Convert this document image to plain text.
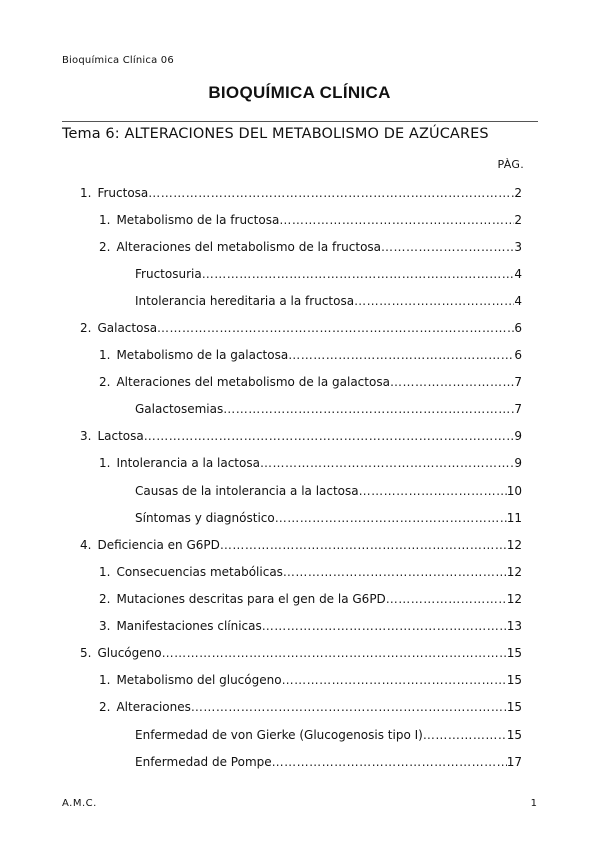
Bioquímica Clínica 06
BIOQUÍMICA CLÍNICA
Tema 6: ALTERACIONES DEL METABOLISMO DE AZÚCARES
PÀG.
1. Fructosa ………………………………………………………………………………………………………………………………………………………………………………	2
1. Metabolismo de la fructosa ………………………………………………………………………………………………………………………………………………………………………………	2
2. Alteraciones del metabolismo de la fructosa ………………………………………………………………………………………………………………………………………………………………………………	3
Fructosuria ………………………………………………………………………………………………………………………………………………………………………………	4
Intolerancia hereditaria a la fructosa ………………………………………………………………………………………………………………………………………………………………………………	4
2. Galactosa ………………………………………………………………………………………………………………………………………………………………………………	6
1. Metabolismo de la galactosa ………………………………………………………………………………………………………………………………………………………………………………	6
2. Alteraciones del metabolismo de la galactosa ………………………………………………………………………………………………………………………………………………………………………………	7
Galactosemias ………………………………………………………………………………………………………………………………………………………………………………	7
3. Lactosa ………………………………………………………………………………………………………………………………………………………………………………	9
1. Intolerancia a la lactosa ………………………………………………………………………………………………………………………………………………………………………………	9
Causas de la intolerancia a la lactosa ………………………………………………………………………………………………………………………………………………………………………………	10
Síntomas y diagnóstico ………………………………………………………………………………………………………………………………………………………………………………	11
4. Deficiencia en G6PD ………………………………………………………………………………………………………………………………………………………………………………	12
1. Consecuencias metabólicas ………………………………………………………………………………………………………………………………………………………………………………	12
2. Mutaciones descritas para el gen de la G6PD ………………………………………………………………………………………………………………………………………………………………………………	12
3. Manifestaciones clínicas ………………………………………………………………………………………………………………………………………………………………………………	13
5. Glucógeno ………………………………………………………………………………………………………………………………………………………………………………	15
1. Metabolismo del glucógeno ………………………………………………………………………………………………………………………………………………………………………………	15
2. Alteraciones ………………………………………………………………………………………………………………………………………………………………………………	15
Enfermedad de von Gierke (Glucogenosis tipo I) ………………………………………………………………………………………………………………………………………………………………………………	15
Enfermedad de Pompe ………………………………………………………………………………………………………………………………………………………………………………	17
A.M.C.	1
